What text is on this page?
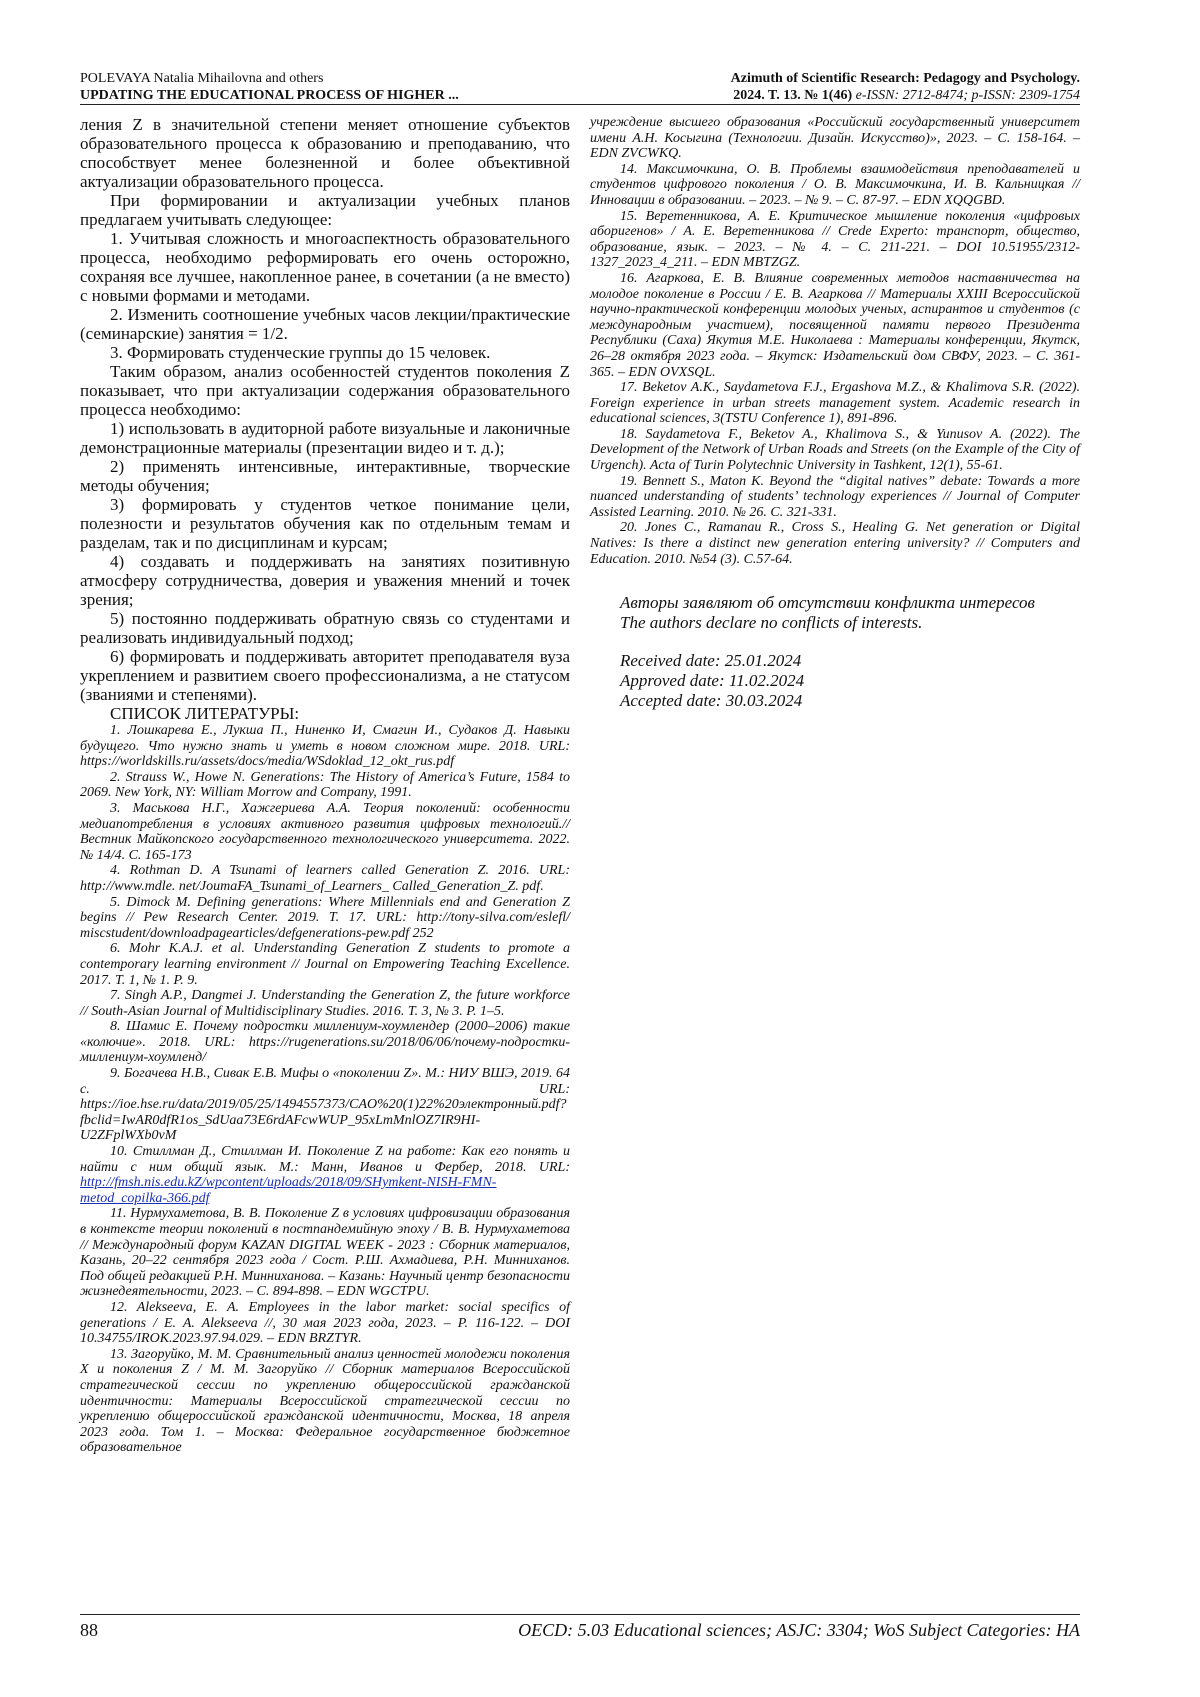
POLEVAYA Natalia Mihailovna and others
UPDATING THE EDUCATIONAL PROCESS OF HIGHER ...
Azimuth of Scientific Research: Pedagogy and Psychology.
2024. T. 13. № 1(46) e-ISSN: 2712-8474; p-ISSN: 2309-1754

ления Z в значительной степени меняет отношение субъектов образовательного процесса к образованию и преподаванию, что способствует менее болезненной и более объективной актуализации образовательного процесса.

При формировании и актуализации учебных планов предлагаем учитывать следующее:

1. Учитывая сложность и многоаспектность образовательного процесса, необходимо реформировать его очень осторожно, сохраняя все лучшее, накопленное ранее, в сочетании (а не вместо) с новыми формами и методами.

2. Изменить соотношение учебных часов лекции/практические (семинарские) занятия = 1/2.

3. Формировать студенческие группы до 15 человек.

Таким образом, анализ особенностей студентов поколения Z показывает, что при актуализации содержания образовательного процесса необходимо:

1) использовать в аудиторной работе визуальные и лаконичные демонстрационные материалы (презентации видео и т. д.);

2) применять интенсивные, интерактивные, творческие методы обучения;

3) формировать у студентов четкое понимание цели, полезности и результатов обучения как по отдельным темам и разделам, так и по дисциплинам и курсам;

4) создавать и поддерживать на занятиях позитивную атмосферу сотрудничества, доверия и уважения мнений и точек зрения;

5) постоянно поддерживать обратную связь со студентами и реализовать индивидуальный подход;

6) формировать и поддерживать авторитет преподавателя вуза укреплением и развитием своего профессионализма, а не статусом (званиями и степенями).

СПИСОК ЛИТЕРАТУРЫ:

1. Лошкарева Е., Лукша П., Ниненко И, Смагин И., Судаков Д. Навыки будущего. Что нужно знать и уметь в новом сложном мире. 2018. URL: https://worldskills.ru/assets/docs/media/WSdoklad_12_okt_rus.pdf

2. Strauss W., Howe N. Generations: The History of America’s Future, 1584 to 2069. New York, NY: William Morrow and Company, 1991.

3. Маськова Н.Г., Хажгериева А.А. Теория поколений: особенности медиапотребления в условиях активного развития цифровых технологий.// Вестник Майкопского государственного технологического университета. 2022. № 14/4. С. 165-173

4. Rothman D. A Tsunami of learners called Generation Z. 2016. URL: http://www.mdle. net/JoumaFA_Tsunami_of_Learners_ Called_Generation_Z. pdf.

5. Dimock M. Defining generations: Where Millennials end and Generation Z begins // Pew Research Center. 2019. T. 17. URL: http://tony-silva.com/eslefl/ miscstudent/downloadpagearticles/defgenerations-pew.pdf 252

6. Mohr K.A.J. et al. Understanding Generation Z students to promote a contemporary learning environment // Journal on Empowering Teaching Excellence. 2017. T. 1, № 1. P. 9.

7. Singh A.P., Dangmei J. Understanding the Generation Z, the future workforce // South-Asian Journal of Multidisciplinary Studies. 2016. T. 3, № 3. P. 1–5.

8. Шамис Е. Почему подростки миллениум-хоумлендер (2000–2006) такие «колючие». 2018. URL: https://rugenerations.su/2018/06/06/почему-подростки-миллениум-хоумленд/

9. Богачева Н.В., Сивак Е.В. Мифы о «поколении Z». М.: НИУ ВШЭ, 2019. 64 с. URL: https://ioe.hse.ru/data/2019/05/25/1494557373/CAO%20(1)22%20электронный.pdf?fbclid=IwAR0dfR1os_SdUaa73E6rdAFcwWUP_95xLmMnlOZ7IR9HI-U2ZFplWXb0vM

10. Стиллман Д., Стиллман И. Поколение Z на работе: Как его понять и найти с ним общий язык. М.: Манн, Иванов и Фербер, 2018. URL: http://fmsh.nis.edu.kZ/wpcontent/uploads/2018/09/SHymkent-NISH-FMN-metod_copilka-366.pdf

11. Нурмухаметова, В. В. Поколение Z в условиях цифровизации образования в контексте теории поколений в постпандемийную эпоху / В. В. Нурмухаметова // Международный форум KAZAN DIGITAL WEEK - 2023 : Сборник материалов, Казань, 20–22 сентября 2023 года / Сост. Р.Ш. Ахмадиева, Р.Н. Минниханов. Под общей редакцией Р.Н. Минниханова. – Казань: Научный центр безопасности жизнедеятельности, 2023. – С. 894-898. – EDN WGCTPU.

12. Alekseeva, E. A. Employees in the labor market: social specifics of generations / E. A. Alekseeva //, 30 мая 2023 года, 2023. – P. 116-122. – DOI 10.34755/IROK.2023.97.94.029. – EDN BRZTYR.

13. Загоруйко, М. М. Сравнительный анализ ценностей молодежи поколения X и поколения Z / М. М. Загоруйко // Сборник материалов Всероссийской стратегической сессии по укреплению общероссийской гражданской идентичности: Материалы Всероссийской стратегической сессии по укреплению общероссийской гражданской идентичности, Москва, 18 апреля 2023 года. Том 1. – Москва: Федеральное государственное бюджетное образовательное

учреждение высшего образования «Российский государственный университет имени А.Н. Косыгина (Технологии. Дизайн. Искусство)», 2023. – С. 158-164. – EDN ZVCWKQ.

14. Максимочкина, О. В. Проблемы взаимодействия преподавателей и студентов цифрового поколения / О. В. Максимочкина, И. В. Кальницкая // Инновации в образовании. – 2023. – № 9. – С. 87-97. – EDN XQQGBD.

15. Веретенникова, А. Е. Критическое мышление поколения «цифровых аборигенов» / А. Е. Веретенникова // Crede Experto: транспорт, общество, образование, язык. – 2023. – № 4. – С. 211-221. – DOI 10.51955/2312-1327_2023_4_211. – EDN MBTZGZ.

16. Агаркова, Е. В. Влияние современных методов наставничества на молодое поколение в России / Е. В. Агаркова // Материалы XXIII Всероссийской научно-практической конференции молодых ученых, аспирантов и студентов (с международным участием), посвященной памяти первого Президента Республики (Саха) Якутия М.Е. Николаева : Материалы конференции, Якутск, 26–28 октября 2023 года. – Якутск: Издательский дом СВФУ, 2023. – С. 361-365. – EDN OVXSQL.

17. Beketov A.K., Saydametova F.J., Ergashova M.Z., & Khalimova S.R. (2022). Foreign experience in urban streets management system. Academic research in educational sciences, 3(TSTU Conference 1), 891-896.

18. Saydametova F., Beketov A., Khalimova S., & Yunusov A. (2022). The Development of the Network of Urban Roads and Streets (on the Example of the City of Urgench). Acta of Turin Polytechnic University in Tashkent, 12(1), 55-61.

19. Bennett S., Maton K. Beyond the “digital natives” debate: Towards a more nuanced understanding of students’ technology experiences // Journal of Computer Assisted Learning. 2010. № 26. С. 321-331.

20. Jones C., Ramanau R., Cross S., Healing G. Net generation or Digital Natives: Is there a distinct new generation entering university? // Computers and Education. 2010. №54 (3). С.57-64.

Авторы заявляют об отсутствии конфликта интересов

The authors declare no conflicts of interests.

Received date: 25.01.2024

Approved date: 11.02.2024

Accepted date: 30.03.2024

88	OECD: 5.03 Educational sciences; ASJC: 3304; WoS Subject Categories: HA
